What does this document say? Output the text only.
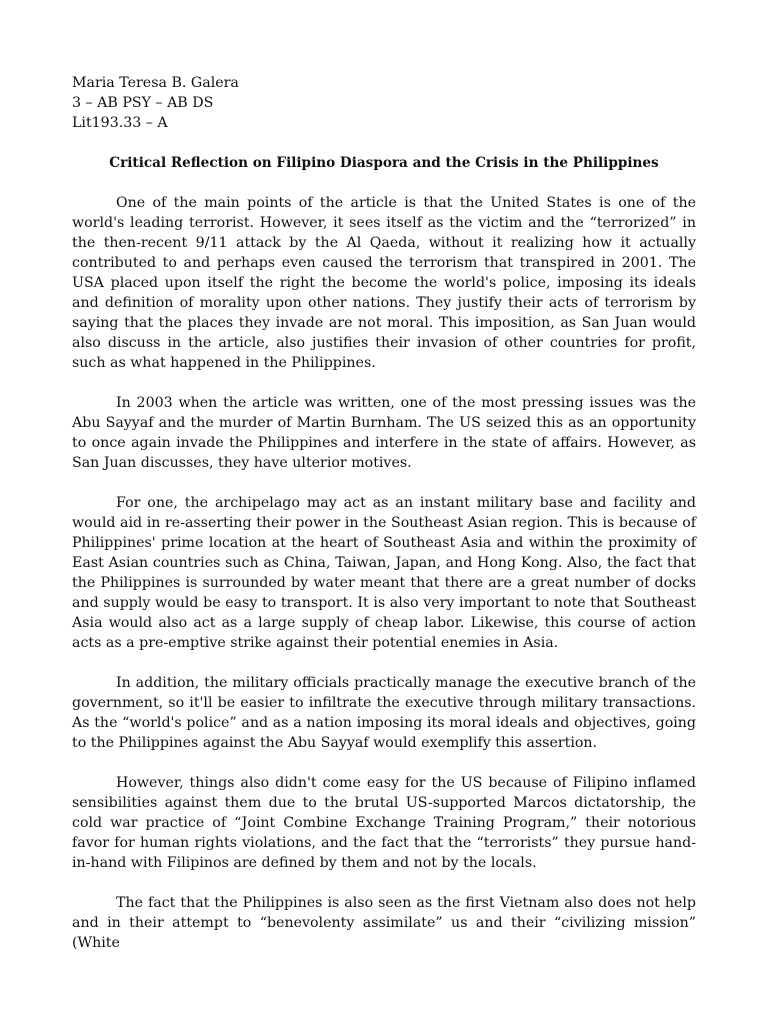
Maria Teresa B. Galera
3 – AB PSY – AB DS
Lit193.33 – A
Critical Reflection on Filipino Diaspora and the Crisis in the Philippines

One of the main points of the article is that the United States is one of the world's leading terrorist. However, it sees itself as the victim and the “terrorized” in the then-recent 9/11 attack by the Al Qaeda, without it realizing how it actually contributed to and perhaps even caused the terrorism that transpired in 2001. The USA placed upon itself the right the become the world's police, imposing its ideals and definition of morality upon other nations. They justify their acts of terrorism by saying that the places they invade are not moral. This imposition, as San Juan would also discuss in the article, also justifies their invasion of other countries for profit, such as what happened in the Philippines.

In 2003 when the article was written, one of the most pressing issues was the Abu Sayyaf and the murder of Martin Burnham. The US seized this as an opportunity to once again invade the Philippines and interfere in the state of affairs. However, as San Juan discusses, they have ulterior motives.

For one, the archipelago may act as an instant military base and facility and would aid in re-asserting their power in the Southeast Asian region. This is because of Philippines' prime location at the heart of Southeast Asia and within the proximity of East Asian countries such as China, Taiwan, Japan, and Hong Kong. Also, the fact that the Philippines is surrounded by water meant that there are a great number of docks and supply would be easy to transport. It is also very important to note that Southeast Asia would also act as a large supply of cheap labor. Likewise, this course of action acts as a pre-emptive strike against their potential enemies in Asia.

In addition, the military officials practically manage the executive branch of the government, so it'll be easier to infiltrate the executive through military transactions. As the “world's police” and as a nation imposing its moral ideals and objectives, going to the Philippines against the Abu Sayyaf would exemplify this assertion.

However, things also didn't come easy for the US because of Filipino inflamed sensibilities against them due to the brutal US-supported Marcos dictatorship, the cold war practice of “Joint Combine Exchange Training Program,” their notorious favor for human rights violations, and the fact that the “terrorists” they pursue hand-in-hand with Filipinos are defined by them and not by the locals.

The fact that the Philippines is also seen as the first Vietnam also does not help and in their attempt to “benevolenty assimilate” us and their “civilizing mission” (White
